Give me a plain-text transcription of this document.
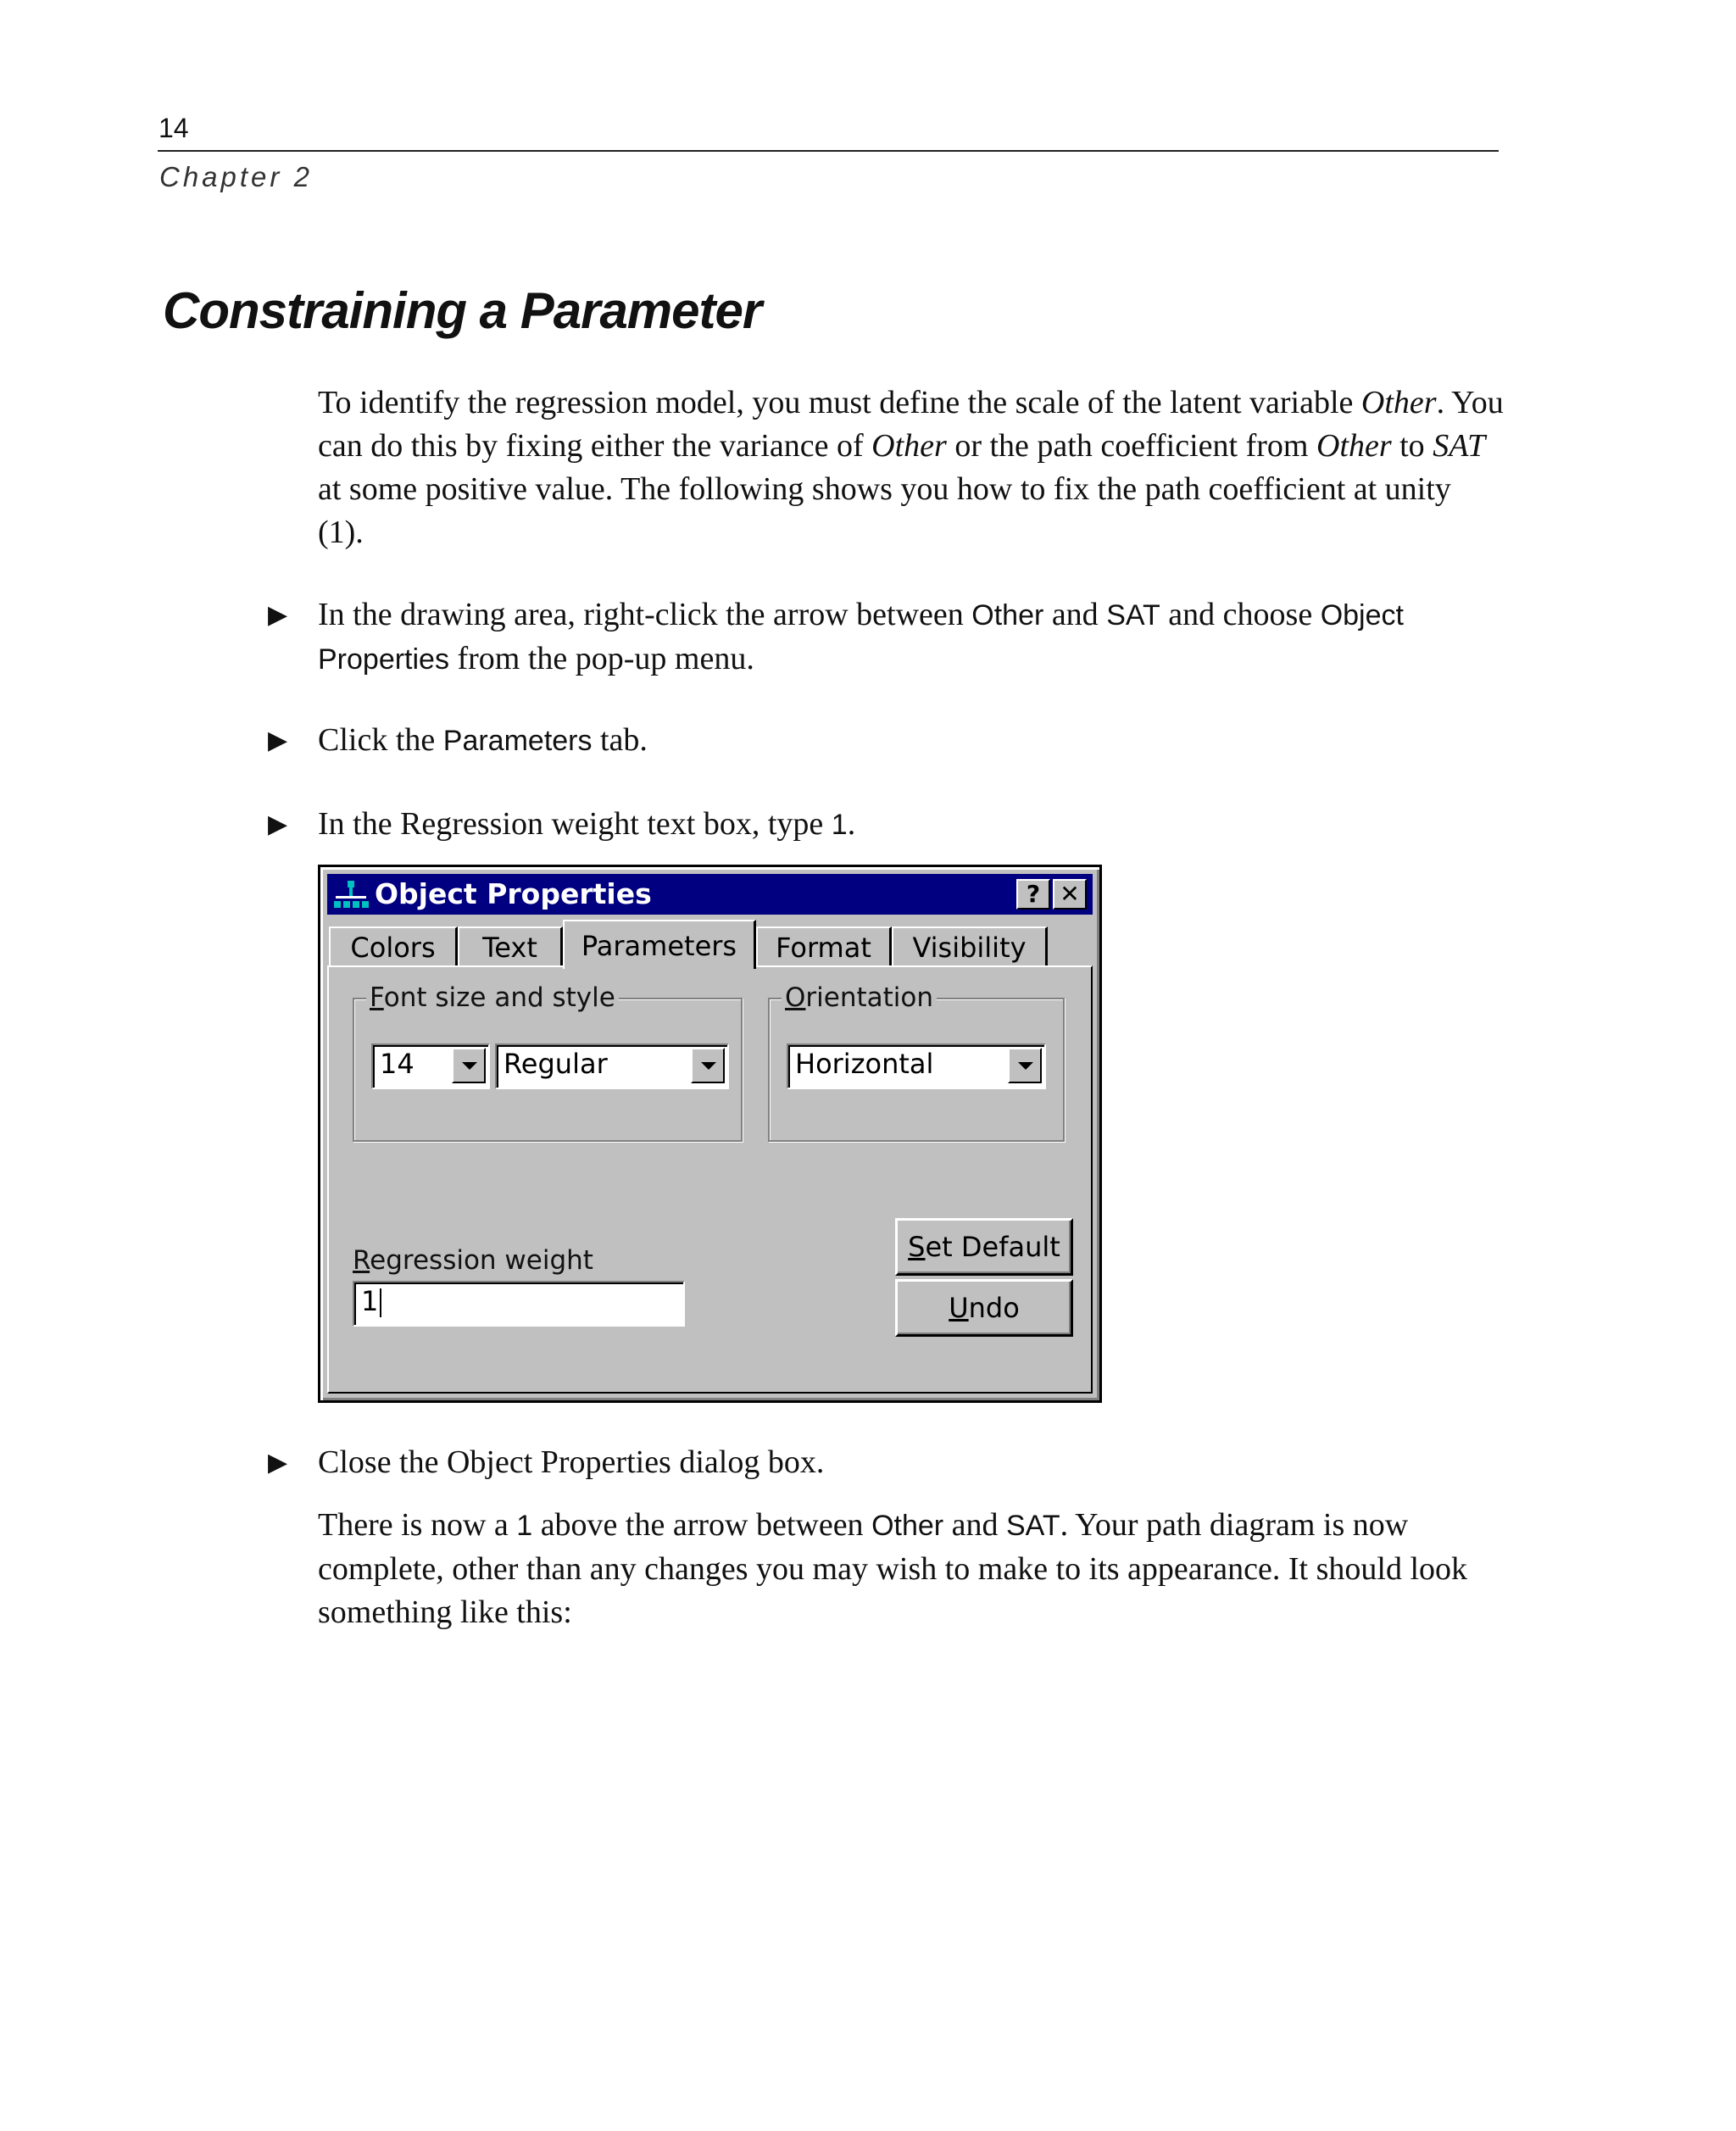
14
Chapter 2
Constraining a Parameter

To identify the regression model, you must define the scale of the latent variable Other. You can do this by fixing either the variance of Other or the path coefficient from Other to SAT at some positive value. The following shows you how to fix the path coefficient at unity (1).

▶ In the drawing area, right-click the arrow between Other and SAT and choose Object Properties from the pop-up menu.

▶ Click the Parameters tab.

▶ In the Regression weight text box, type 1.

Object Properties	? ✕
Font size and style
14	Regular
Orientation
Horizontal
Regression weight
1
Set Default
Undo
Colors	Text	Parameters	Format	Visibility
▶ Close the Object Properties dialog box.

There is now a 1 above the arrow between Other and SAT. Your path diagram is now complete, other than any changes you may wish to make to its appearance. It should look something like this:
